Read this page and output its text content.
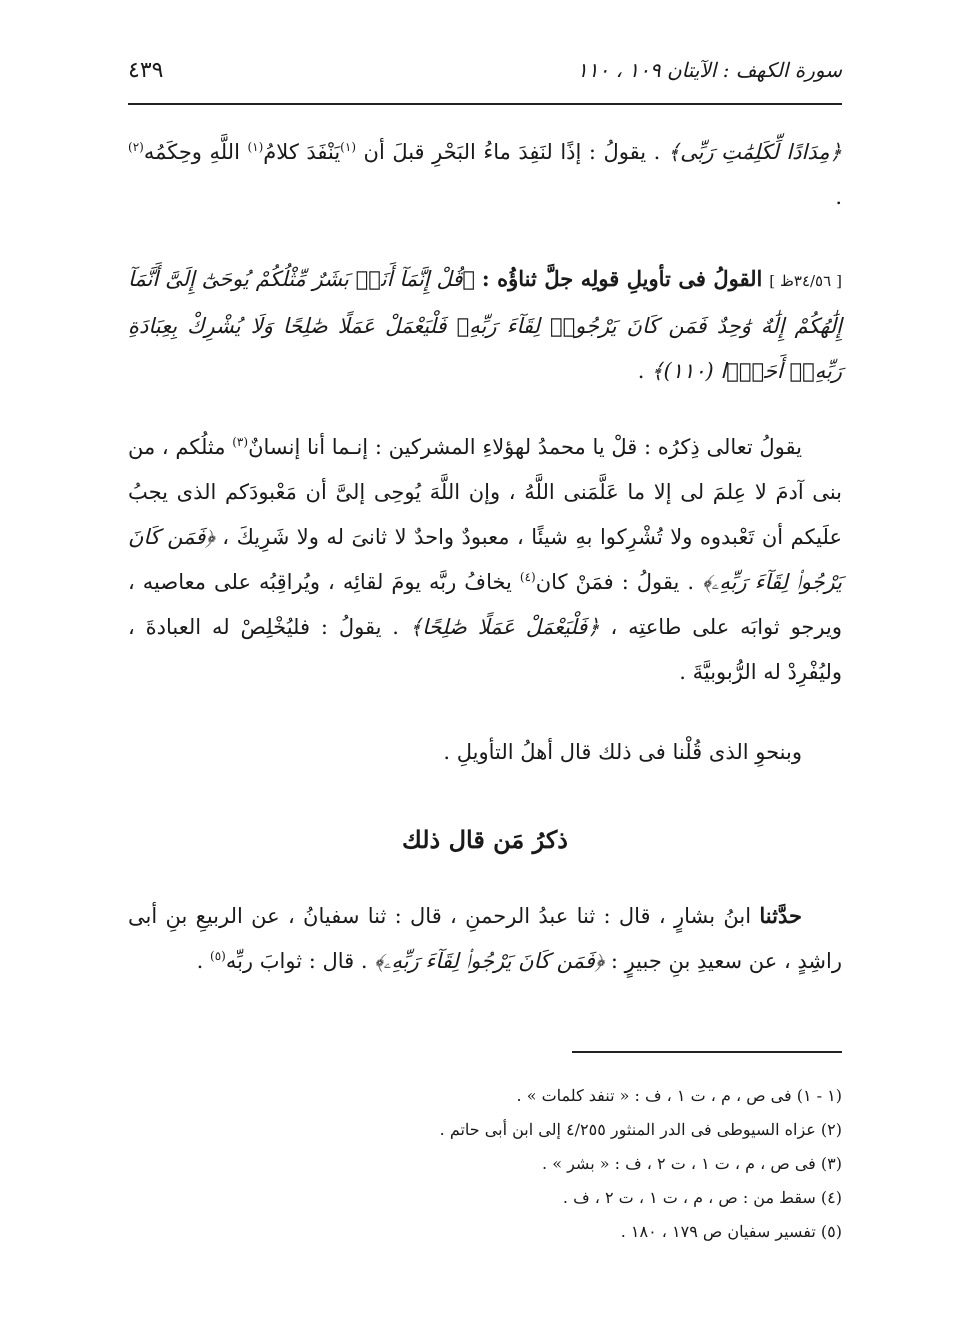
٤٣٩	سورة الكهف : الآيتان ١٠٩ ، ١١٠

﴿مِدَادًا لِّكَلِمَٰتِ رَبِّى﴾ . يقولُ : إذًا لنَفِدَ ماءُ البَحْرِ قبلَ أن $^{(١)}$يَنْفَدَ كلامُ$^{(١)}$ اللَّهِ وحِكَمُه$^{(٢)}$ .

[ ٣٤/٥٦ظ ] القولُ فى تأويلِ قولِه جلَّ ثناؤُه : ﴿قُلْ إِنَّمَآ أَنَا۠ بَشَرٌ مِّثْلُكُمْ يُوحَىٰٓ إِلَىَّ أَنَّمَآ إِلَٰهُكُمْ إِلَٰهٌ وَٰحِدٌ فَمَن كَانَ يَرْجُوا۟ لِقَآءَ رَبِّهِۦ فَلْيَعْمَلْ عَمَلًا صَٰلِحًا وَلَا يُشْرِكْ بِعِبَادَةِ رَبِّهِۦٓ أَحَدًۢا (١١٠)﴾ .

يقولُ تعالى ذِكرُه : قلْ يا محمدُ لهؤلاءِ المشركين : إنـما أنا إنسانٌ$^{(٣)}$ مثلُكم ، من بنى آدمَ لا عِلمَ لى إلا ما عَلَّمَنى اللَّهُ ، وإن اللَّهَ يُوحِى إلىَّ أن مَعْبودَكم الذى يجبُ علَيكم أن تَعْبدوه ولا تُشْرِكوا بهِ شيئًا ، معبودٌ واحدٌ لا ثانىَ له ولا شَرِيكَ ، ﴿فَمَن كَانَ يَرْجُوا۟ لِقَآءَ رَبِّهِۦ﴾ . يقولُ : فمَنْ كان$^{(٤)}$ يخافُ ربَّه يومَ لقائِه ، ويُراقِبُه على معاصيه ، ويرجو ثوابَه على طاعتِه ، ﴿فَلْيَعْمَلْ عَمَلًا صَٰلِحًا﴾ . يقولُ : فليُخْلِصْ له العبادةَ ، وليُفْرِدْ له الرُّبوبيَّةَ .

وبنحوِ الذى قُلْنا فى ذلك قال أهلُ التأويلِ .

ذكرُ مَن قال ذلك

حدَّثنا ابنُ بشارٍ ، قال : ثنا عبدُ الرحمنِ ، قال : ثنا سفيانُ ، عن الربيعِ بنِ أبى راشِدٍ ، عن سعيدِ بنِ جبيرٍ : ﴿فَمَن كَانَ يَرْجُوا۟ لِقَآءَ رَبِّهِۦ﴾ . قال : ثوابَ ربِّه$^{(٥)}$ .

(١ - ١) فى ص ، م ، ت ١ ، ف : « تنفد كلمات » .

(٢) عزاه السيوطى فى الدر المنثور ٤/٢٥٥ إلى ابن أبى حاتم .

(٣) فى ص ، م ، ت ١ ، ت ٢ ، ف : « بشر » .

(٤) سقط من : ص ، م ، ت ١ ، ت ٢ ، ف .

(٥) تفسير سفيان ص ١٧٩ ، ١٨٠ .
